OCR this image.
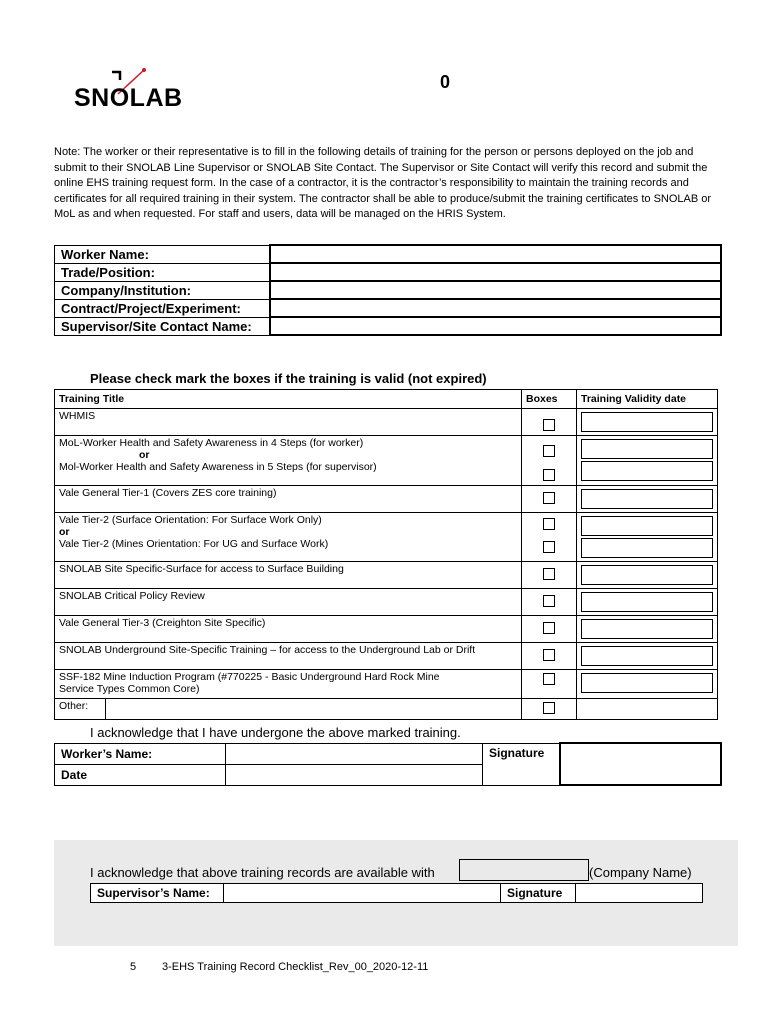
SNOLAB
0
Note: The worker or their representative is to fill in the following details of training for the person or persons deployed on the job and submit to their SNOLAB Line Supervisor or SNOLAB Site Contact. The Supervisor or Site Contact will verify this record and submit the online EHS training request form. In the case of a contractor, it is the contractor’s responsibility to maintain the training records and certificates for all required training in their system. The contractor shall be able to produce/submit the training certificates to SNOLAB or MoL as and when requested. For staff and users, data will be managed on the HRIS System.
Worker Name:	
Trade/Position:	
Company/Institution:	
Contract/Project/Experiment:	
Supervisor/Site Contact Name:	
Please check mark the boxes if the training is valid (not expired)
Training Title	Boxes	Training Validity date
WHMIS		

MoL-Worker Health and Safety Awareness in 4 Steps (for worker)
or
Mol-Worker Health and Safety Awareness in 5 Steps (for supervisor)		

Vale General Tier-1 (Covers ZES core training)		

Vale Tier-2 (Surface Orientation: For Surface Work Only)
or
Vale Tier-2 (Mines Orientation: For UG and Surface Work)		

SNOLAB Site Specific-Surface for access to Surface Building		

SNOLAB Critical Policy Review		

Vale General Tier-3 (Creighton Site Specific)		

SNOLAB Underground Site-Specific Training – for access to the Underground Lab or Drift		

SSF-182 Mine Induction Program (#770225 - Basic Underground Hard Rock Mine
Service Types Common Core)		

Other:		

I acknowledge that I have undergone the above marked training.
Worker’s Name:		Signature	
Date			
I acknowledge that above training records are available with	(Company Name)
Supervisor’s Name:		Signature	
5 3-EHS Training Record Checklist_Rev_00_2020-12-11
